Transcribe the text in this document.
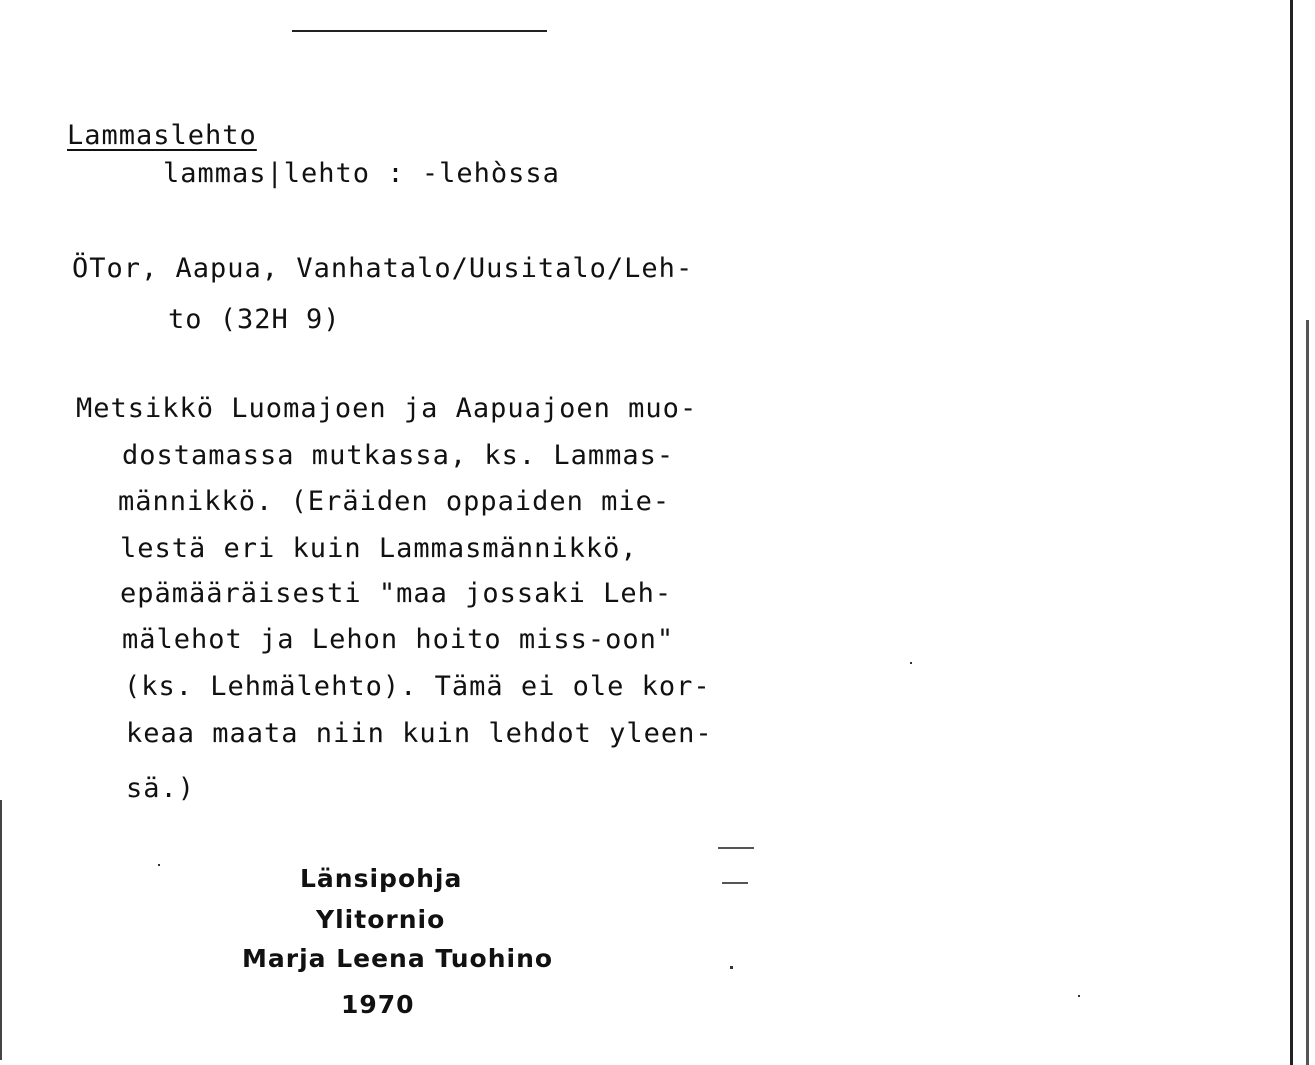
Lammaslehto
lammas|lehto : -lehòssa
ÖTor, Aapua, Vanhatalo/Uusitalo/Leh-
to (32H 9)
Metsikkö Luomajoen ja Aapuajoen muo-
dostamassa mutkassa, ks. Lammas-
männikkö. (Eräiden oppaiden mie-
lestä eri kuin Lammasmännikkö,
epämääräisesti "maa jossaki Leh-
mälehot ja Lehon hoito miss-oon"
(ks. Lehmälehto). Tämä ei ole kor-
keaa maata niin kuin lehdot yleen-
sä.)
Länsipohja
Ylitornio
Marja Leena Tuohino
1970
